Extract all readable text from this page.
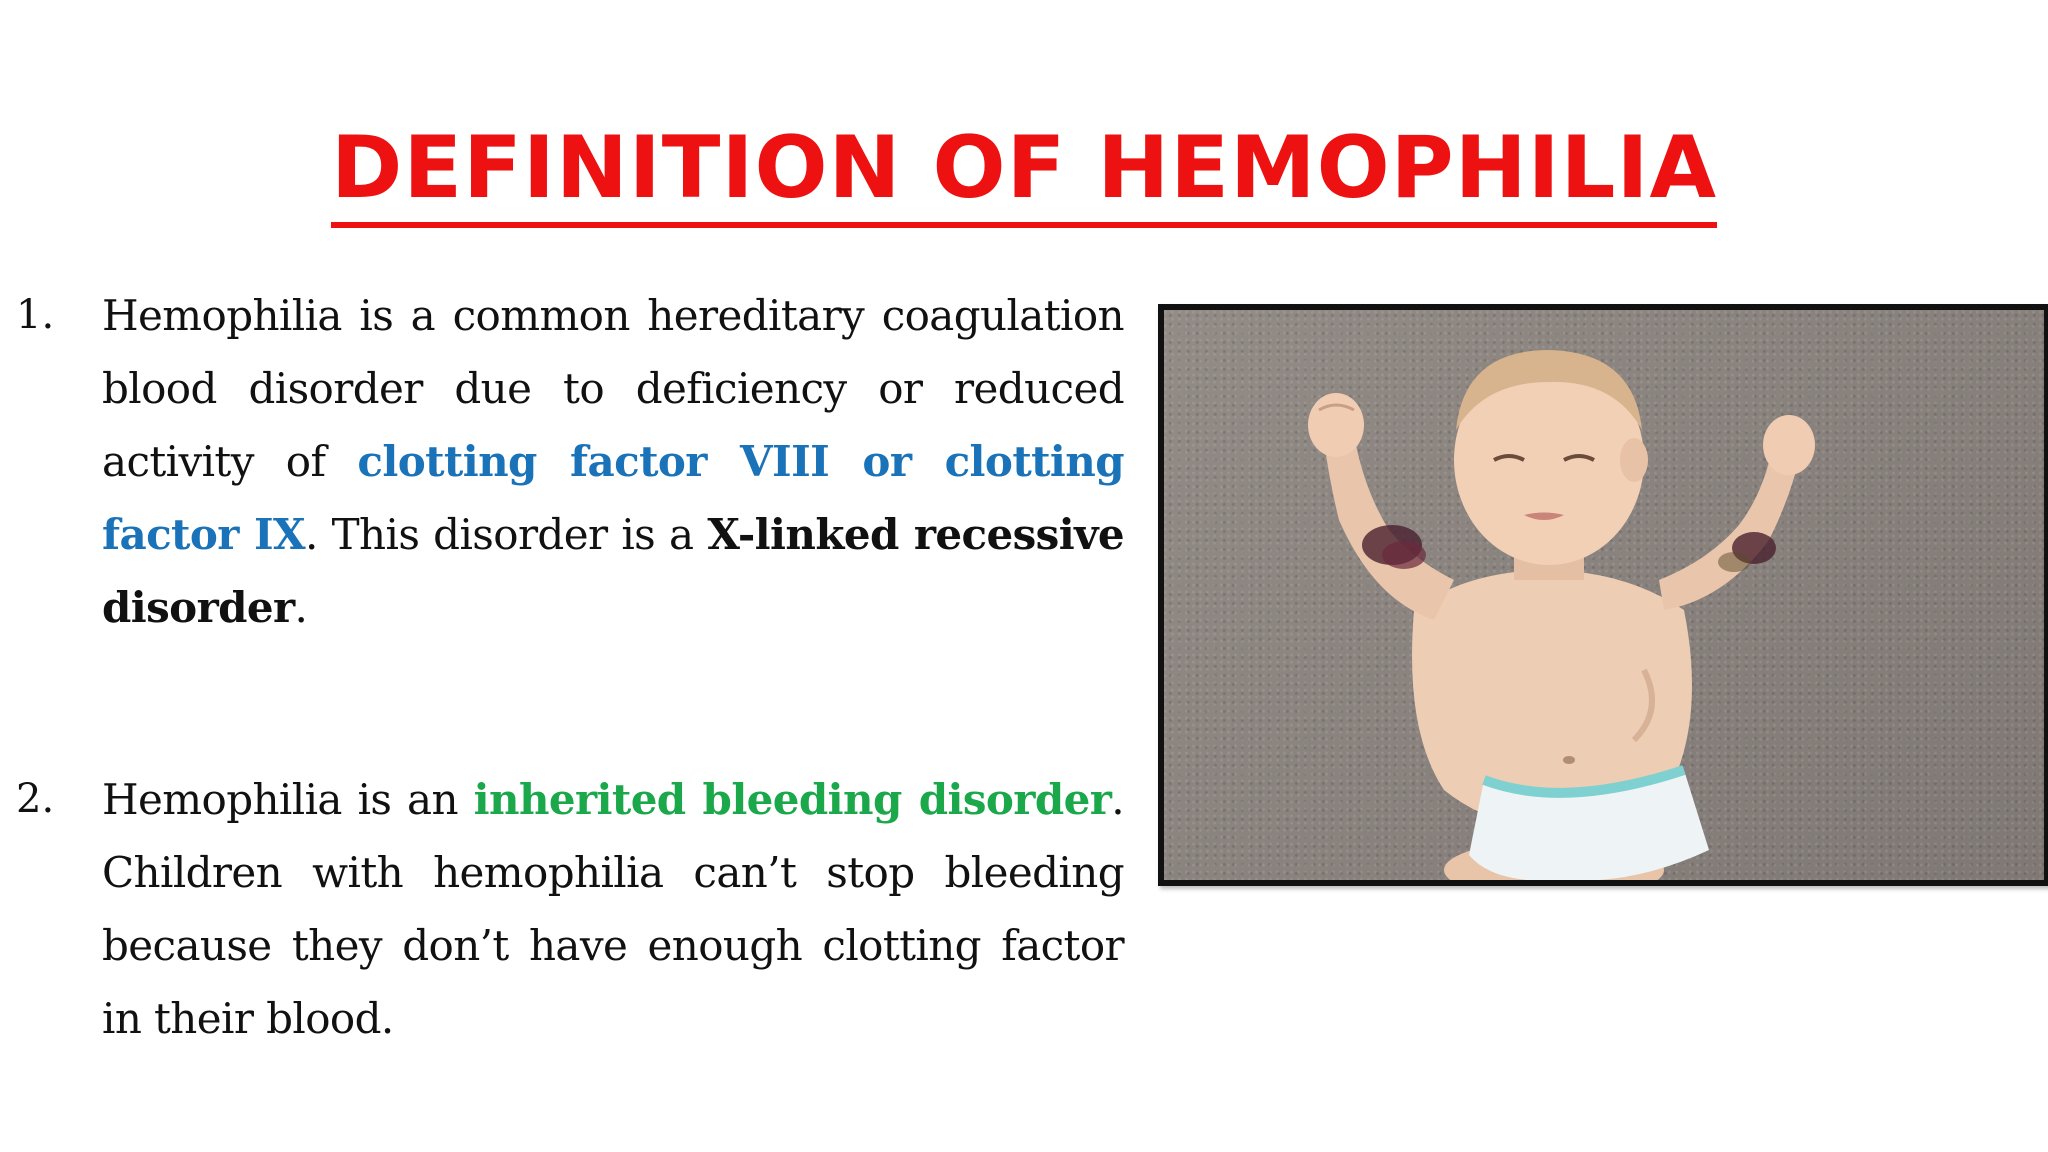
DEFINITION OF HEMOPHILIA
1. Hemophilia is a common hereditary coagulation blood disorder due to deficiency or reduced activity of clotting factor VIII or clotting factor IX. This disorder is a X-linked recessive disorder.

2. Hemophilia is an inherited bleeding disorder. Children with hemophilia can’t stop bleeding because they don’t have enough clotting factor in their blood.
